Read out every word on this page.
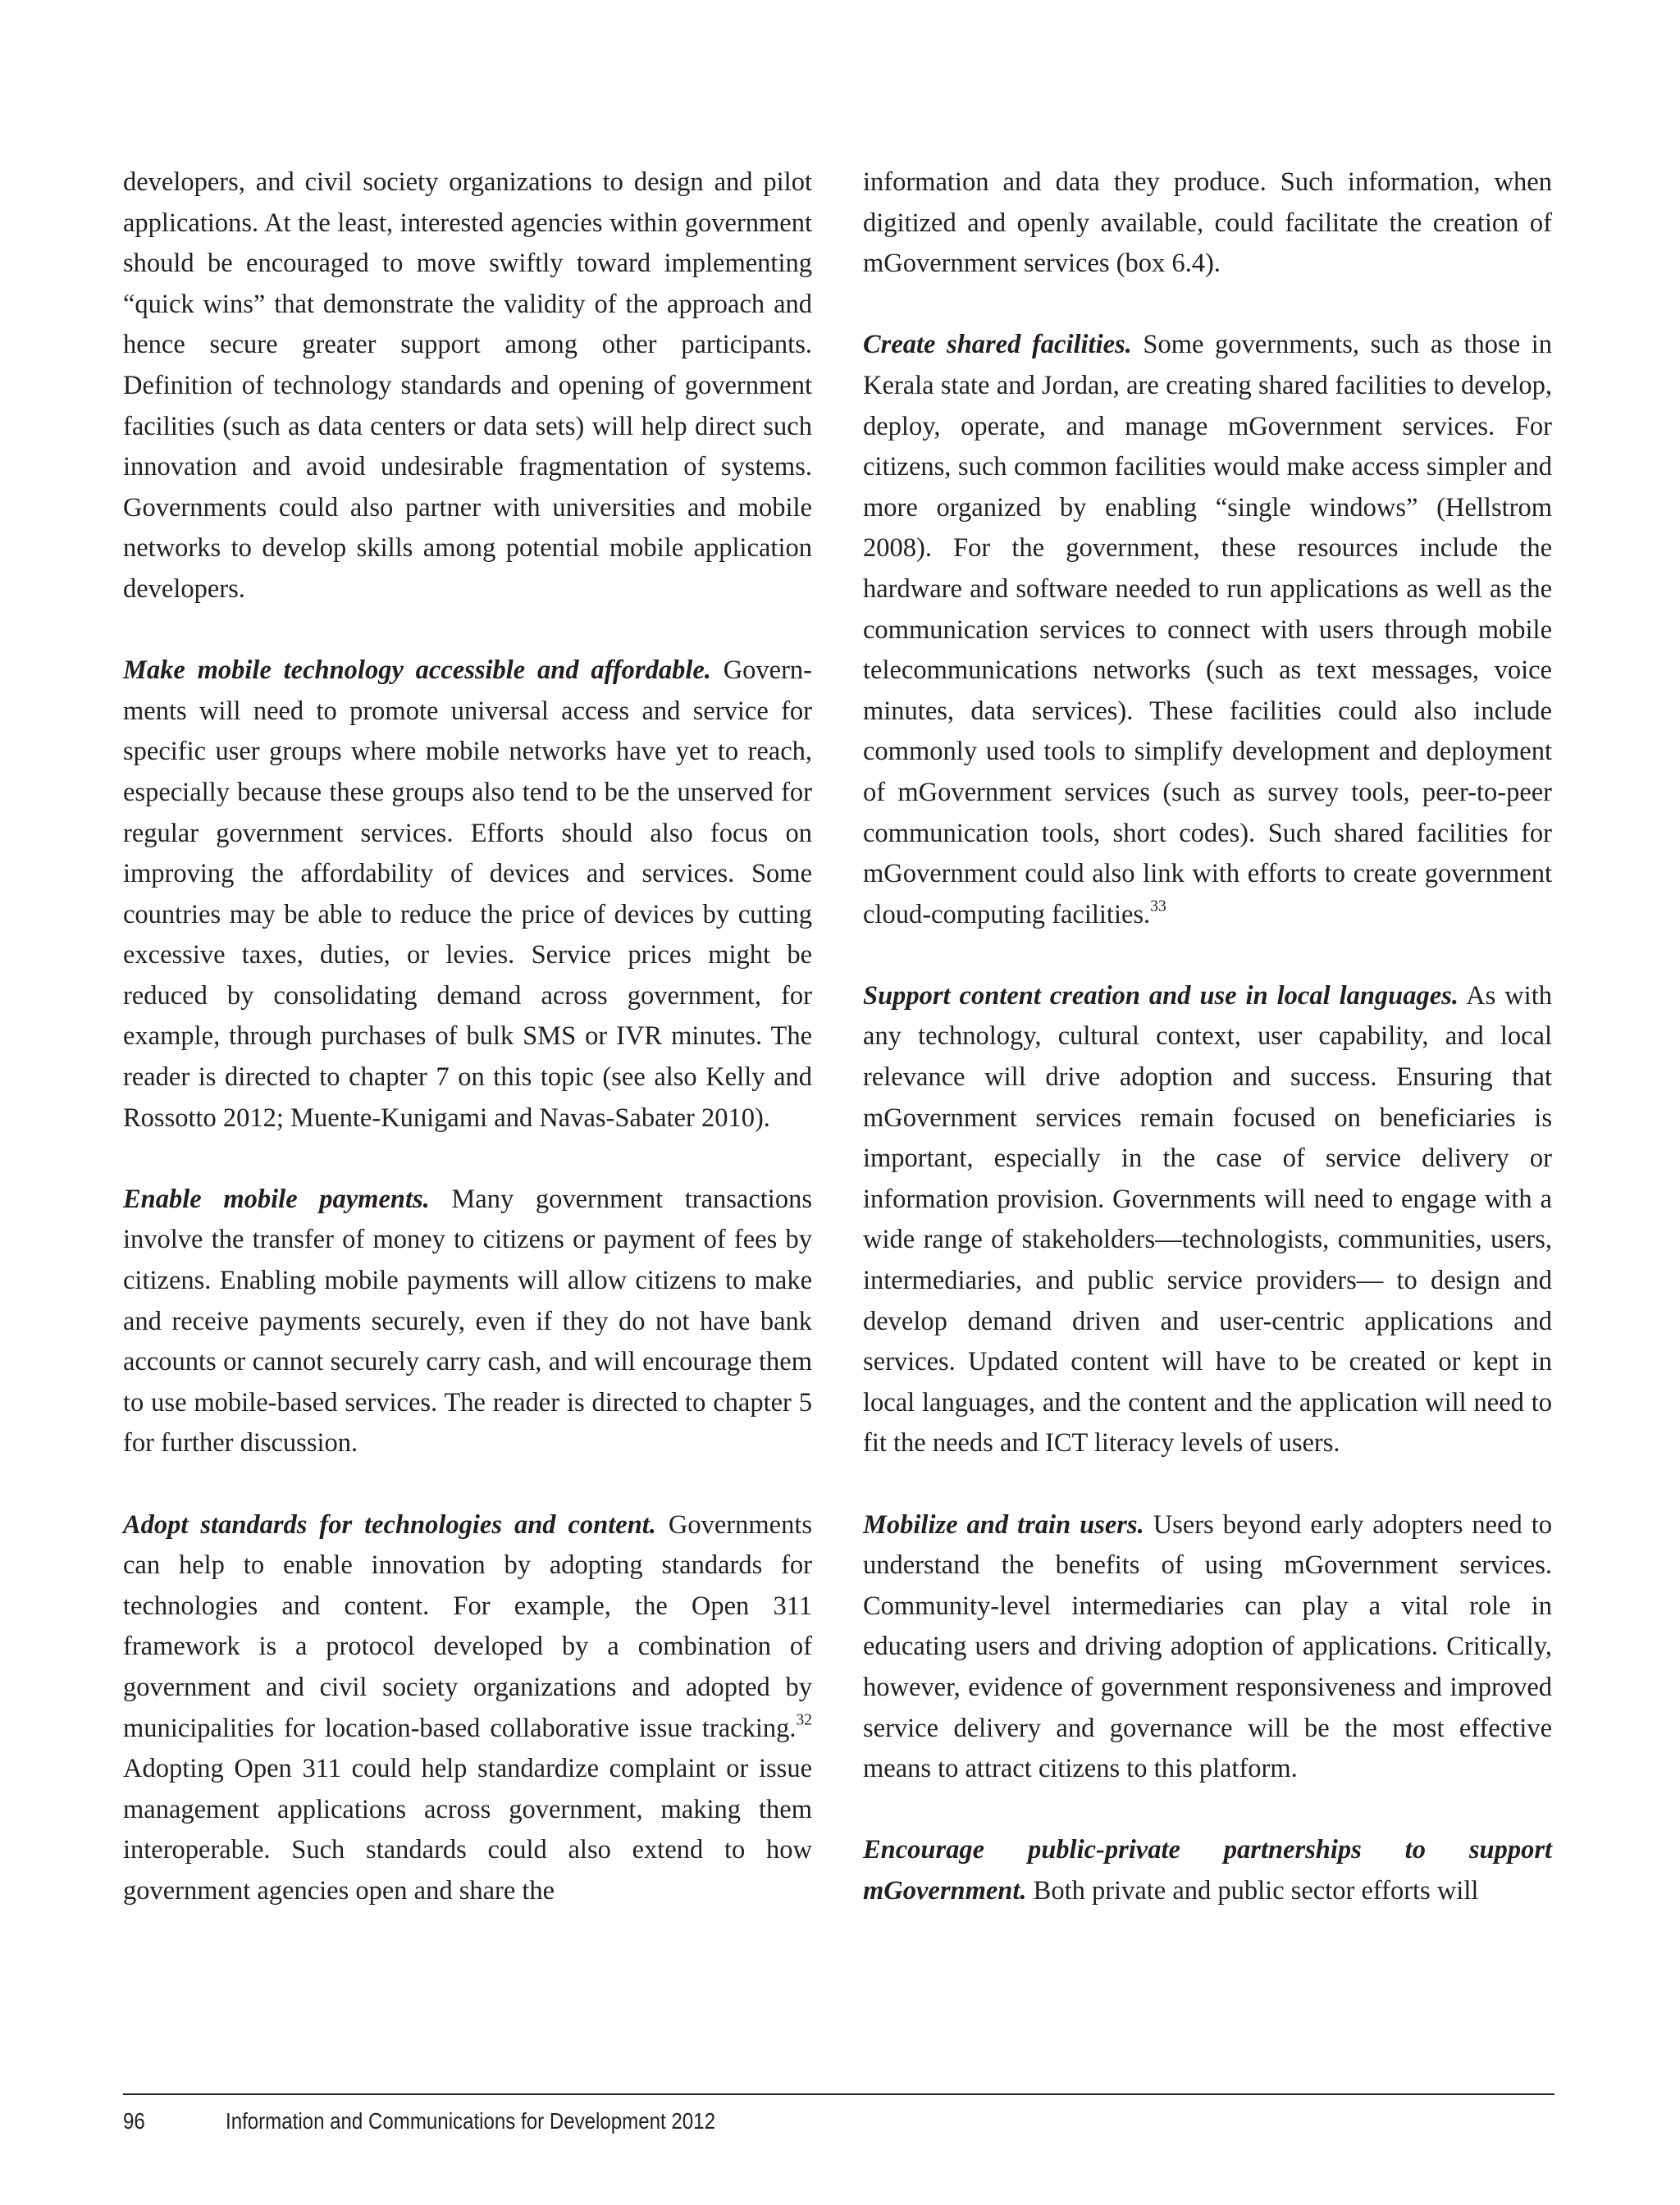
developers, and civil society organizations to design and pilot applications. At the least, interested agencies within government should be encouraged to move swiftly toward implementing “quick wins” that demonstrate the validity of the approach and hence secure greater support among other participants. Definition of technology standards and opening of government facilities (such as data centers or data sets) will help direct such innovation and avoid undesirable fragmentation of systems. Governments could also partner with universities and mobile networks to develop skills among potential mobile application developers.

Make mobile technology accessible and affordable. Governments will need to promote universal access and service for specific user groups where mobile networks have yet to reach, especially because these groups also tend to be the unserved for regular government services. Efforts should also focus on improving the affordability of devices and services. Some countries may be able to reduce the price of devices by cutting excessive taxes, duties, or levies. Service prices might be reduced by consolidating demand across government, for example, through purchases of bulk SMS or IVR minutes. The reader is directed to chapter 7 on this topic (see also Kelly and Rossotto 2012; Muente-Kunigami and Navas-Sabater 2010).

Enable mobile payments. Many government transactions involve the transfer of money to citizens or payment of fees by citizens. Enabling mobile payments will allow citizens to make and receive payments securely, even if they do not have bank accounts or cannot securely carry cash, and will encourage them to use mobile-based services. The reader is directed to chapter 5 for further discussion.

Adopt standards for technologies and content. Governments can help to enable innovation by adopting standards for technologies and content. For example, the Open 311 framework is a protocol developed by a combination of government and civil society organizations and adopted by municipalities for location-based collaborative issue tracking.$^{32}$ Adopting Open 311 could help standardize complaint or issue management applications across government, making them interoperable. Such standards could also extend to how government agencies open and share the

information and data they produce. Such information, when digitized and openly available, could facilitate the creation of mGovernment services (box 6.4).

Create shared facilities. Some governments, such as those in Kerala state and Jordan, are creating shared facilities to develop, deploy, operate, and manage mGovernment services. For citizens, such common facilities would make access simpler and more organized by enabling “single windows” (Hellstrom 2008). For the government, these resources include the hardware and software needed to run applications as well as the communication services to connect with users through mobile telecommunications networks (such as text messages, voice minutes, data services). These facilities could also include commonly used tools to simplify development and deployment of mGovernment services (such as survey tools, peer-to-peer communication tools, short codes). Such shared facilities for mGovernment could also link with efforts to create government cloud-computing facilities.$^{33}$

Support content creation and use in local languages. As with any technology, cultural context, user capability, and local relevance will drive adoption and success. Ensuring that mGovernment services remain focused on beneficiaries is important, especially in the case of service delivery or information provision. Governments will need to engage with a wide range of stakeholders—technologists, communities, users, intermediaries, and public service providers— to design and develop demand driven and user-centric applications and services. Updated content will have to be created or kept in local languages, and the content and the application will need to fit the needs and ICT literacy levels of users.

Mobilize and train users. Users beyond early adopters need to understand the benefits of using mGovernment services. Community-level intermediaries can play a vital role in educating users and driving adoption of applications. Critically, however, evidence of government responsiveness and improved service delivery and governance will be the most effective means to attract citizens to this platform.

Encourage public-private partnerships to support mGovernment. Both private and public sector efforts will

96	Information and Communications for Development 2012
